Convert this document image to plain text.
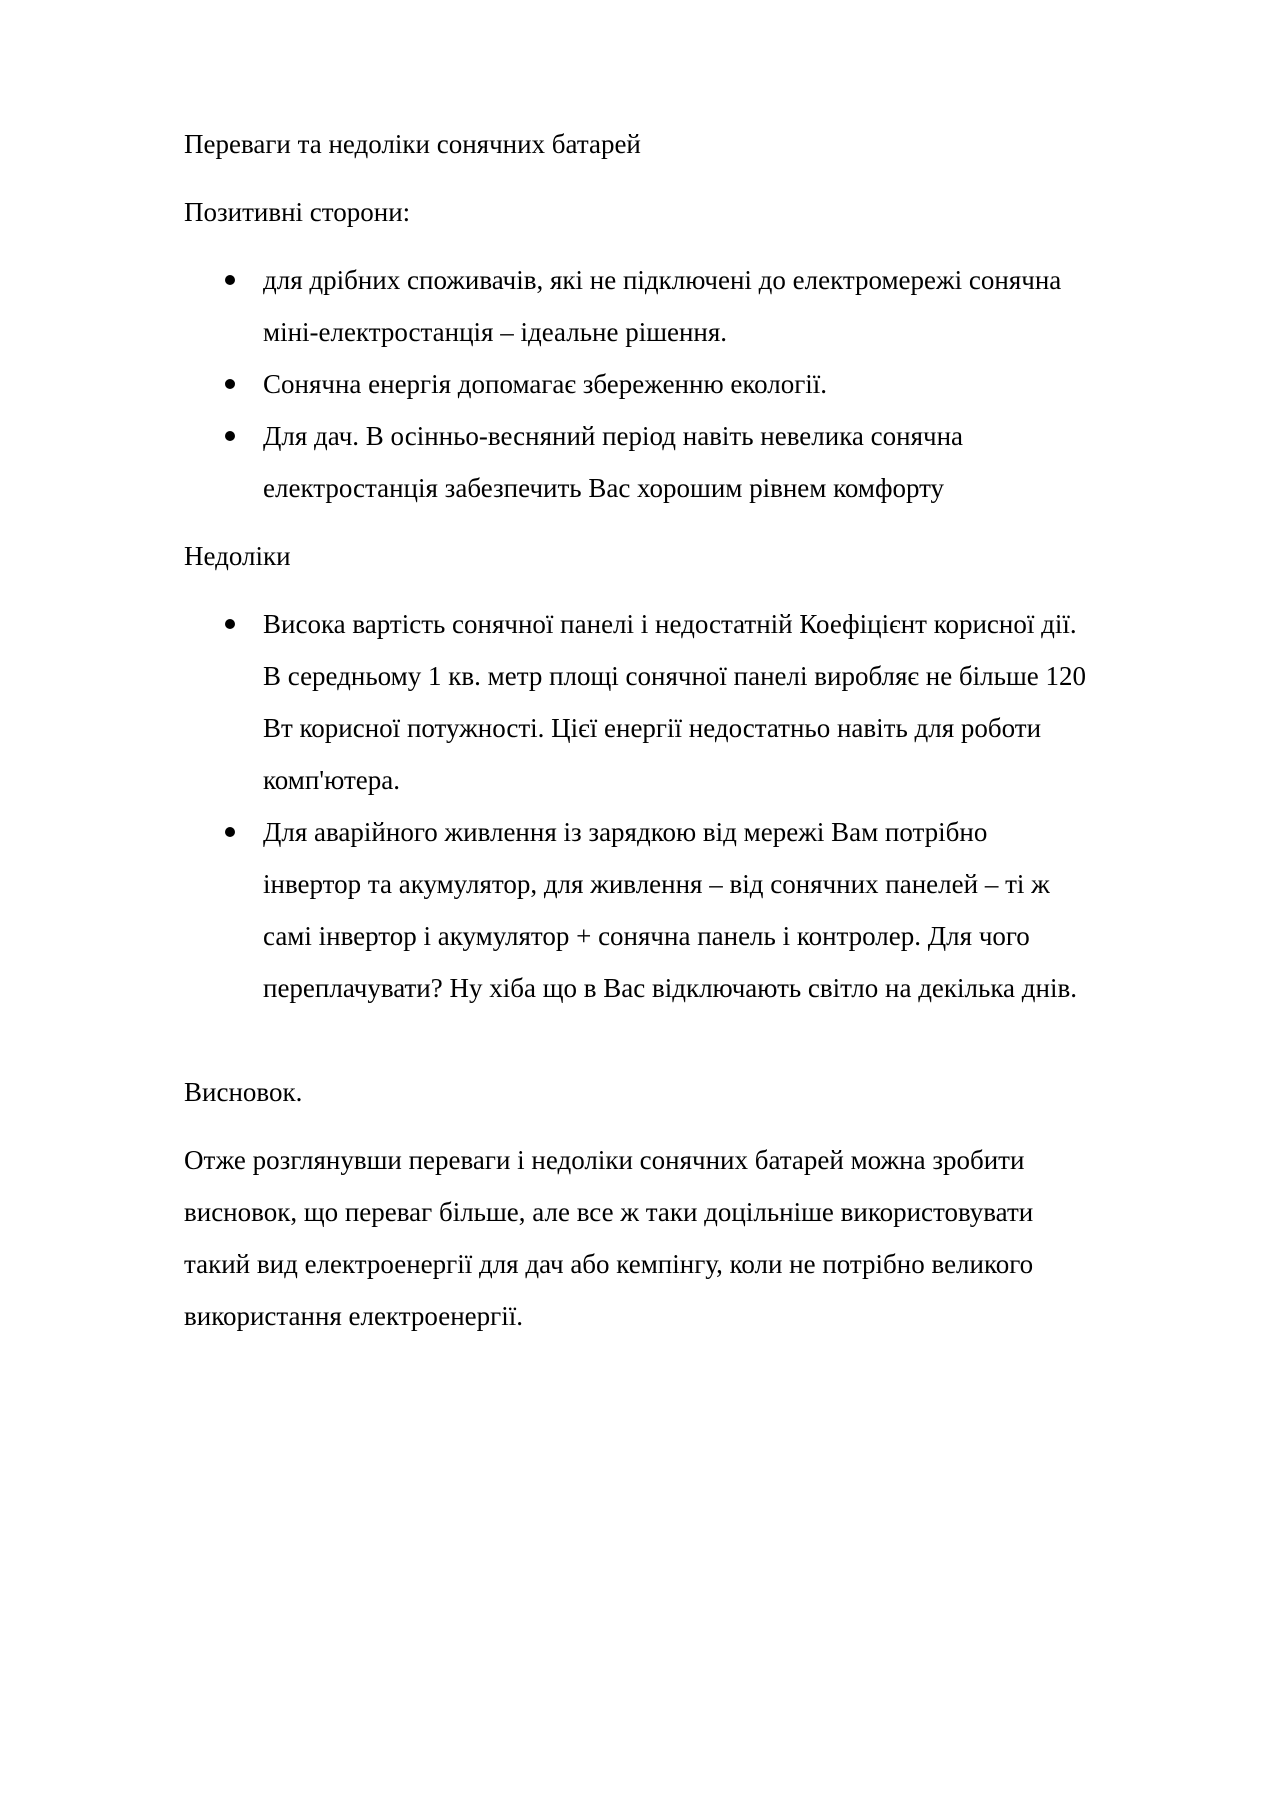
Переваги та недоліки сонячних батарей

Позитивні сторони:

для дрібних споживачів, які не підключені до електромережі сонячна
міні-електростанція – ідеальне рішення.
Сонячна енергія допомагає збереженню екології.
Для дач. В осінньо-весняний період навіть невелика сонячна
електростанція забезпечить Вас хорошим рівнем комфорту

Недоліки

Висока вартість сонячної панелі і недостатній Коефіцієнт корисної дії.
В середньому 1 кв. метр площі сонячної панелі виробляє не більше 120
Вт корисної потужності. Цієї енергії недостатньо навіть для роботи
комп'ютера.
Для аварійного живлення із зарядкою від мережі Вам потрібно
інвертор та акумулятор, для живлення – від сонячних панелей – ті ж
самі інвертор і акумулятор + сонячна панель і контролер. Для чого
переплачувати? Ну хіба що в Вас відключають світло на декілька днів.

Висновок.

Отже розглянувши переваги і недоліки сонячних батарей можна зробити
висновок, що переваг більше, але все ж таки доцільніше використовувати
такий вид електроенергії для дач або кемпінгу, коли не потрібно великого
використання електроенергії.
